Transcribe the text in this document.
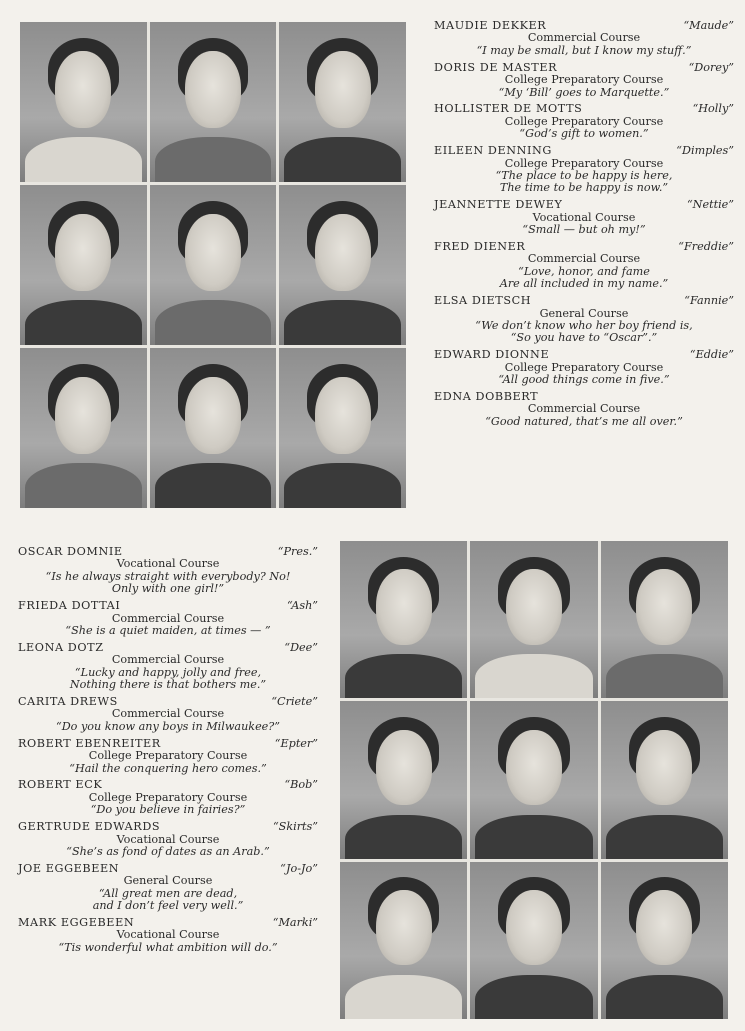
MAUDIE DEKKER	“Maude”
Commercial Course
“I may be small, but I know my stuff.”
DORIS DE MASTER	“Dorey”
College Preparatory Course
“My ‘Bill’ goes to Marquette.”
HOLLISTER DE MOTTS	“Holly”
College Preparatory Course
“God’s gift to women.”
EILEEN DENNING	“Dimples”
College Preparatory Course
“The place to be happy is here,
The time to be happy is now.”
JEANNETTE DEWEY	“Nettie”
Vocational Course
“Small — but oh my!”
FRED DIENER	“Freddie”
Commercial Course
“Love, honor, and fame
Are all included in my name.”
ELSA DIETSCH	“Fannie”
General Course
“We don’t know who her boy friend is,
“So you have to “Oscar”.”
EDWARD DIONNE	“Eddie”
College Preparatory Course
“All good things come in five.”
EDNA DOBBERT
Commercial Course
“Good natured, that’s me all over.”
OSCAR DOMNIE	“Pres.”
Vocational Course
“Is he always straight with everybody? No!
Only with one girl!”
FRIEDA DOTTAI	“Ash”
Commercial Course
“She is a quiet maiden, at times — ”
LEONA DOTZ	“Dee”
Commercial Course
“Lucky and happy, jolly and free,
Nothing there is that bothers me.”
CARITA DREWS	“Criete”
Commercial Course
“Do you know any boys in Milwaukee?”
ROBERT EBENREITER	“Epter”
College Preparatory Course
“Hail the conquering hero comes.”
ROBERT ECK	“Bob”
College Preparatory Course
“Do you believe in fairies?”
GERTRUDE EDWARDS	“Skirts”
Vocational Course
“She’s as fond of dates as an Arab.”
JOE EGGEBEEN	“Jo-Jo”
General Course
“All great men are dead,
and I don’t feel very well.”
MARK EGGEBEEN	“Marki”
Vocational Course
“Tis wonderful what ambition will do.”
